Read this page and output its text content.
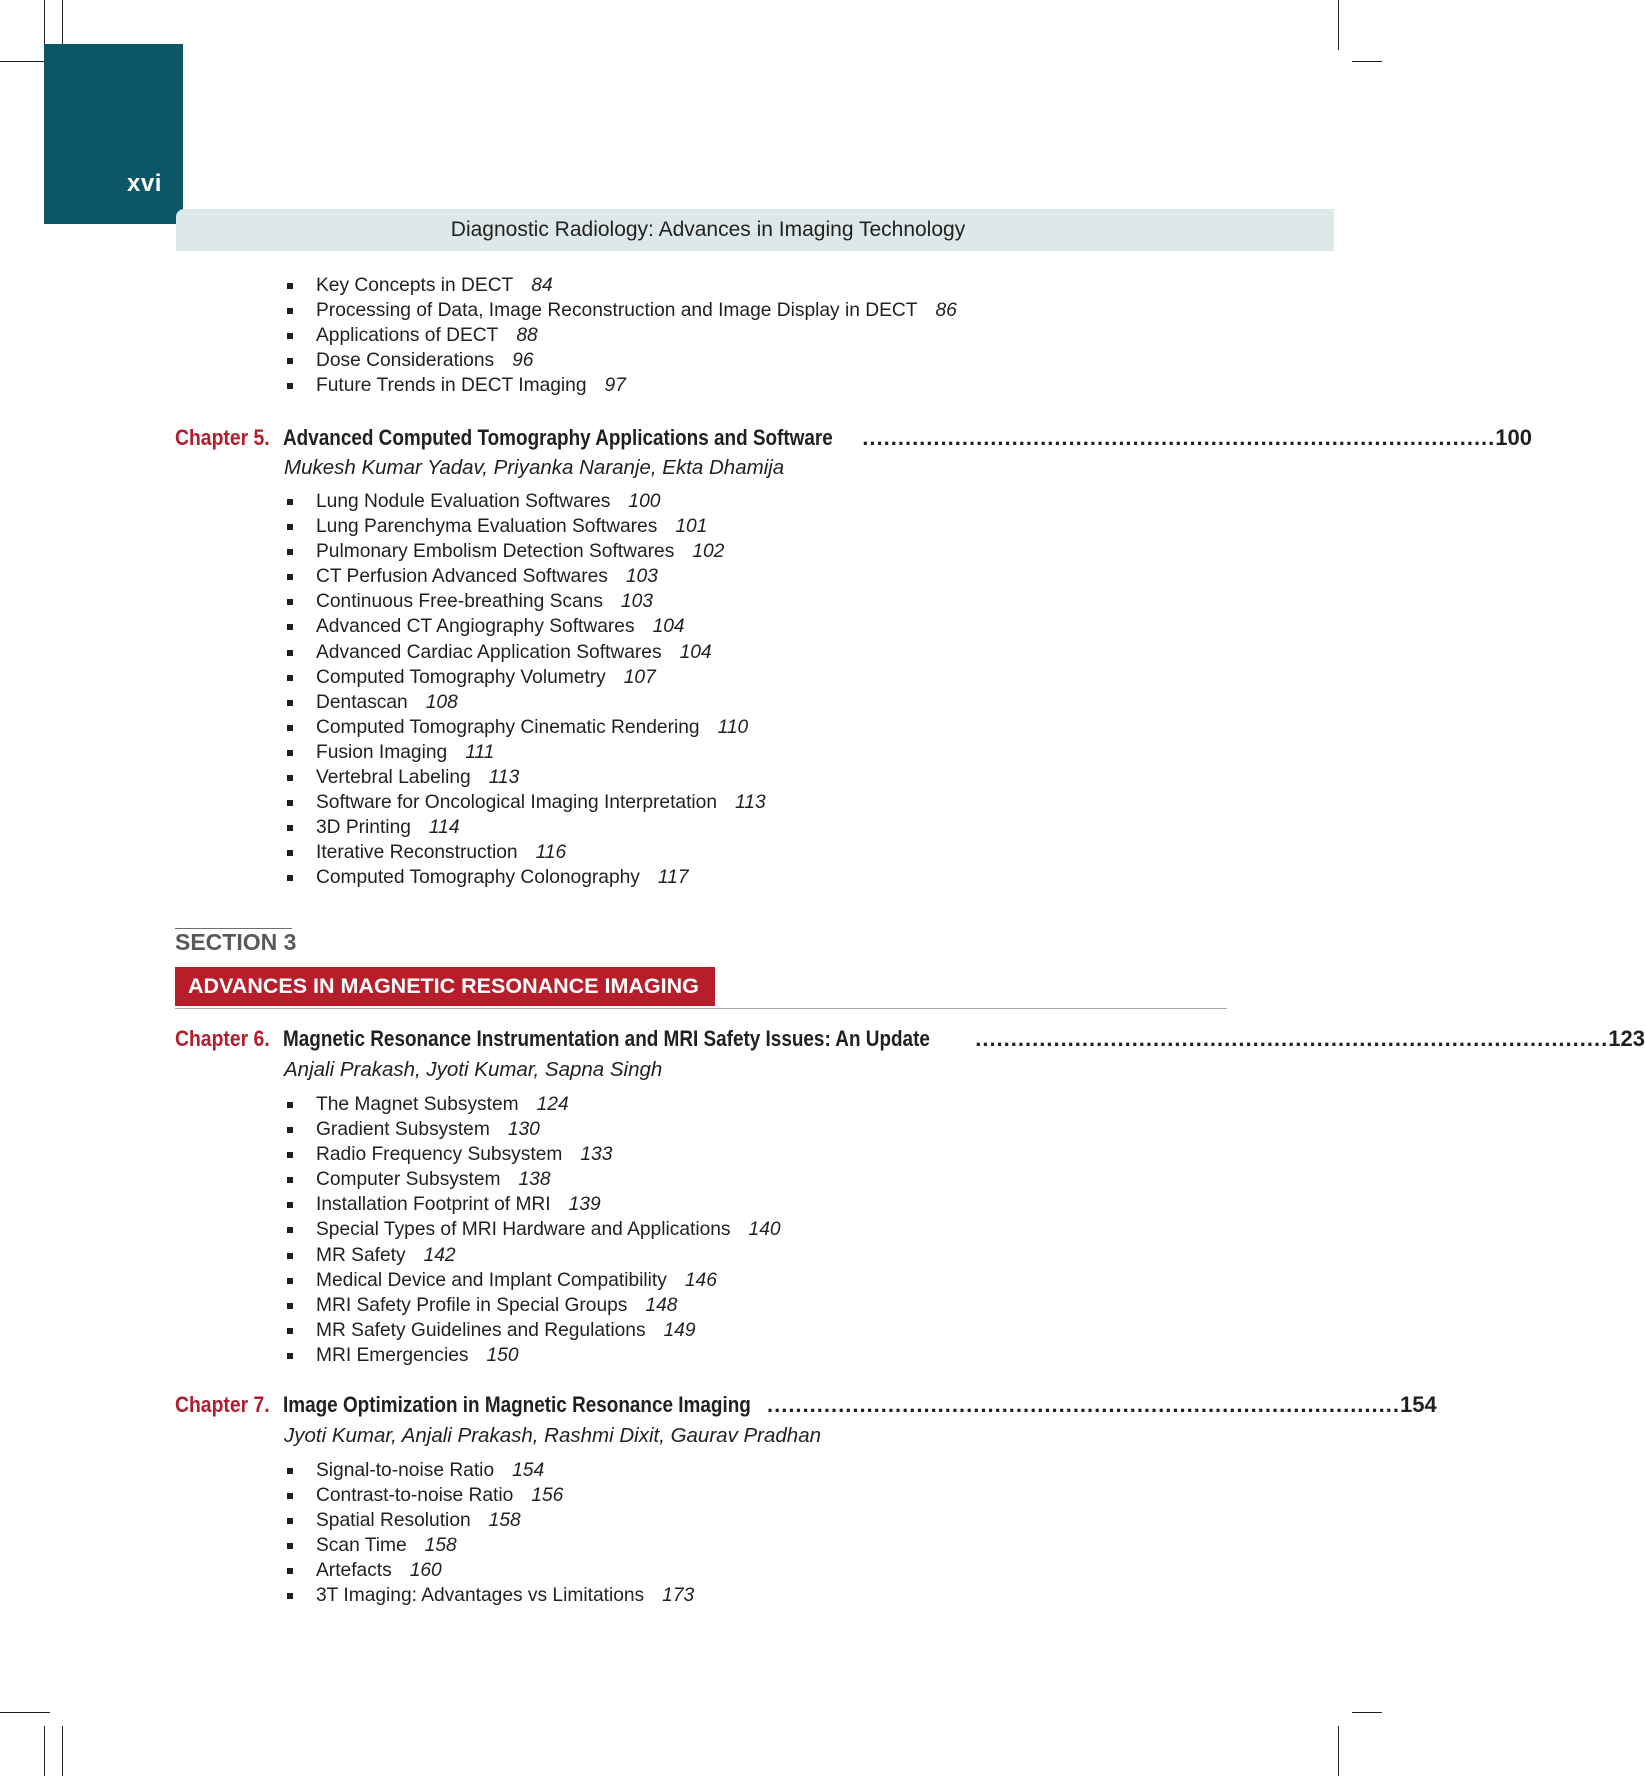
xvi
Diagnostic Radiology: Advances in Imaging Technology
Key Concepts in DECT 84
Processing of Data, Image Reconstruction and Image Display in DECT 86
Applications of DECT 88
Dose Considerations 96
Future Trends in DECT Imaging 97
Chapter 5. Advanced Computed Tomography Applications and Software ......................................................................................... 100
Mukesh Kumar Yadav, Priyanka Naranje, Ekta Dhamija
Lung Nodule Evaluation Softwares 100
Lung Parenchyma Evaluation Softwares 101
Pulmonary Embolism Detection Softwares 102
CT Perfusion Advanced Softwares 103
Continuous Free-breathing Scans 103
Advanced CT Angiography Softwares 104
Advanced Cardiac Application Softwares 104
Computed Tomography Volumetry 107
Dentascan 108
Computed Tomography Cinematic Rendering 110
Fusion Imaging 111
Vertebral Labeling 113
Software for Oncological Imaging Interpretation 113
3D Printing 114
Iterative Reconstruction 116
Computed Tomography Colonography 117
SECTION 3
ADVANCES IN MAGNETIC RESONANCE IMAGING
Chapter 6. Magnetic Resonance Instrumentation and MRI Safety Issues: An Update ......................................................................................... 123
Anjali Prakash, Jyoti Kumar, Sapna Singh
The Magnet Subsystem 124
Gradient Subsystem 130
Radio Frequency Subsystem 133
Computer Subsystem 138
Installation Footprint of MRI 139
Special Types of MRI Hardware and Applications 140
MR Safety 142
Medical Device and Implant Compatibility 146
MRI Safety Profile in Special Groups 148
MR Safety Guidelines and Regulations 149
MRI Emergencies 150
Chapter 7. Image Optimization in Magnetic Resonance Imaging ......................................................................................... 154
Jyoti Kumar, Anjali Prakash, Rashmi Dixit, Gaurav Pradhan
Signal-to-noise Ratio 154
Contrast-to-noise Ratio 156
Spatial Resolution 158
Scan Time 158
Artefacts 160
3T Imaging: Advantages vs Limitations 173
